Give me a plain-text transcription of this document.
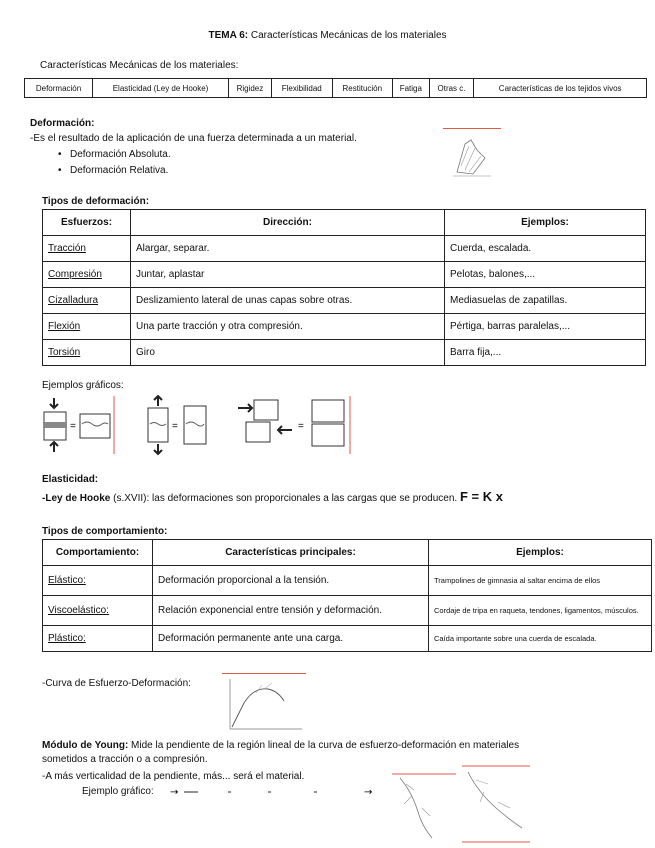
TEMA 6: Características Mecánicas de los materiales
Características Mecánicas de los materiales:
Deformación	Elasticidad (Ley de Hooke)	Rigidez	Flexibilidad	Restitución	Fatiga	Otras c.	Características de los tejidos vivos
Deformación:
-Es el resultado de la aplicación de una fuerza determinada a un material.
• Deformación Absoluta.
• Deformación Relativa.
Tipos de deformación:
Esfuerzos:	Dirección:	Ejemplos:
Tracción	Alargar, separar.	Cuerda, escalada.
Compresión	Juntar, aplastar	Pelotas, balones,...
Cizalladura	Deslizamiento lateral de unas capas sobre otras.	Mediasuelas de zapatillas.
Flexión	Una parte tracción y otra compresión.	Pértiga, barras paralelas,...
Torsión	Giro	Barra fija,...
Ejemplos gráficos:
=	=	=
Elasticidad:
-Ley de Hooke (s.XVII): las deformaciones son proporcionales a las cargas que se producen. F = K x
Tipos de comportamiento:
Comportamiento:	Características principales:	Ejemplos:
Elástico:	Deformación proporcional a la tensión.	Trampolines de gimnasia al saltar encima de ellos
Viscoelástico:	Relación exponencial entre tensión y deformación.	Cordaje de tripa en raqueta, tendones, ligamentos, músculos.
Plástico:	Deformación permanente ante una carga.	Caída importante sobre una cuerda de escalada.
-Curva de Esfuerzo-Deformación:
Módulo de Young: Mide la pendiente de la región lineal de la curva de esfuerzo-deformación en materiales
sometidos a tracción o a compresión.
-A más verticalidad de la pendiente, más... será el material.
Ejemplo gráfico: →	→
